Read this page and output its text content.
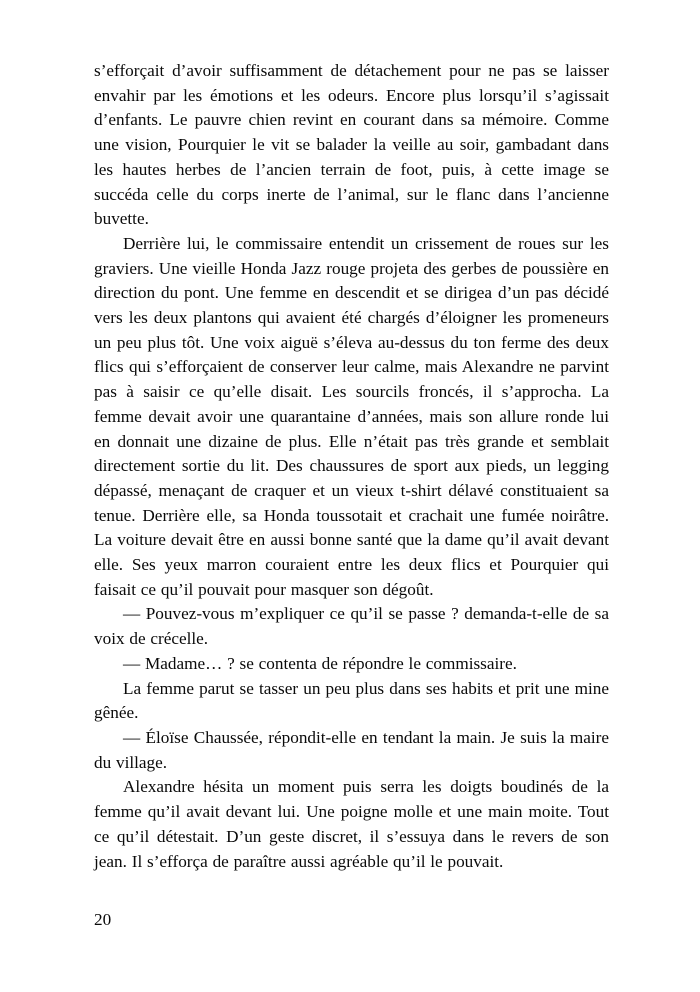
s’efforçait d’avoir suffisamment de détachement pour ne pas se laisser envahir par les émotions et les odeurs. Encore plus lorsqu’il s’agissait d’enfants. Le pauvre chien revint en courant dans sa mémoire. Comme une vision, Pourquier le vit se balader la veille au soir, gambadant dans les hautes herbes de l’ancien terrain de foot, puis, à cette image se succéda celle du corps inerte de l’animal, sur le flanc dans l’ancienne buvette.

Derrière lui, le commissaire entendit un crissement de roues sur les graviers. Une vieille Honda Jazz rouge projeta des gerbes de poussière en direction du pont. Une femme en descendit et se dirigea d’un pas décidé vers les deux plantons qui avaient été chargés d’éloigner les promeneurs un peu plus tôt. Une voix aiguë s’éleva au-dessus du ton ferme des deux flics qui s’efforçaient de conserver leur calme, mais Alexandre ne parvint pas à saisir ce qu’elle disait. Les sourcils froncés, il s’approcha. La femme devait avoir une quarantaine d’années, mais son allure ronde lui en donnait une dizaine de plus. Elle n’était pas très grande et semblait directement sortie du lit. Des chaussures de sport aux pieds, un legging dépassé, menaçant de craquer et un vieux t-shirt délavé constituaient sa tenue. Derrière elle, sa Honda toussotait et crachait une fumée noirâtre. La voiture devait être en aussi bonne santé que la dame qu’il avait devant elle. Ses yeux marron couraient entre les deux flics et Pourquier qui faisait ce qu’il pouvait pour masquer son dégoût.

— Pouvez-vous m’expliquer ce qu’il se passe ? demanda-t-elle de sa voix de crécelle.

— Madame… ? se contenta de répondre le commissaire.

La femme parut se tasser un peu plus dans ses habits et prit une mine gênée.

— Éloïse Chaussée, répondit-elle en tendant la main. Je suis la maire du village.

Alexandre hésita un moment puis serra les doigts boudinés de la femme qu’il avait devant lui. Une poigne molle et une main moite. Tout ce qu’il détestait. D’un geste discret, il s’essuya dans le revers de son jean. Il s’efforça de paraître aussi agréable qu’il le pouvait.

20
